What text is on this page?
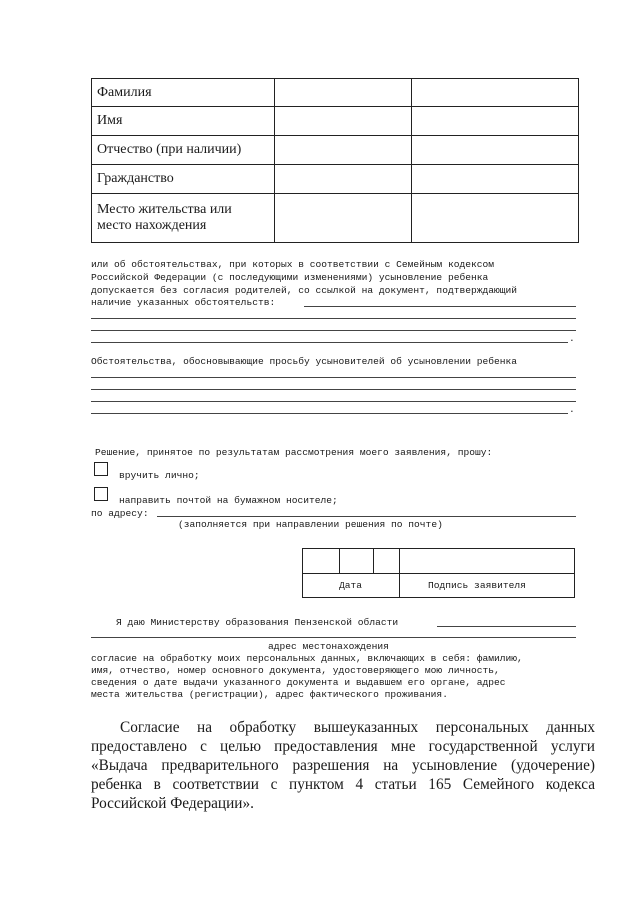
Фамилия		
Имя		
Отчество (при наличии)		
Гражданство		
Место жительства или место нахождения		
или об обстоятельствах, при которых в соответствии с Семейным кодексом
Российской Федерации (с последующими изменениями) усыновление ребенка
допускается без согласия родителей, со ссылкой на документ, подтверждающий
наличие указанных обстоятельств:
.
Обстоятельства, обосновывающие просьбу усыновителей об усыновлении ребенка
.
Решение, принятое по результатам рассмотрения моего заявления, прошу:
вручить лично;
направить почтой на бумажном носителе;
по адресу:
(заполняется при направлении решения по почте)
Дата	Подпись заявителя
Я даю Министерству образования Пензенской области
адрес местонахождения
согласие на обработку моих персональных данных, включающих в себя: фамилию,
имя, отчество, номер основного документа, удостоверяющего мою личность,
сведения о дате выдачи указанного документа и выдавшем его органе, адрес
места жительства (регистрации), адрес фактического проживания.
Согласие на обработку вышеуказанных персональных данных предоставлено с целью предоставления мне государственной услуги «Выдача предварительного разрешения на усыновление (удочерение) ребенка в соответствии с пунктом 4 статьи 165 Семейного кодекса Российской Федерации».
